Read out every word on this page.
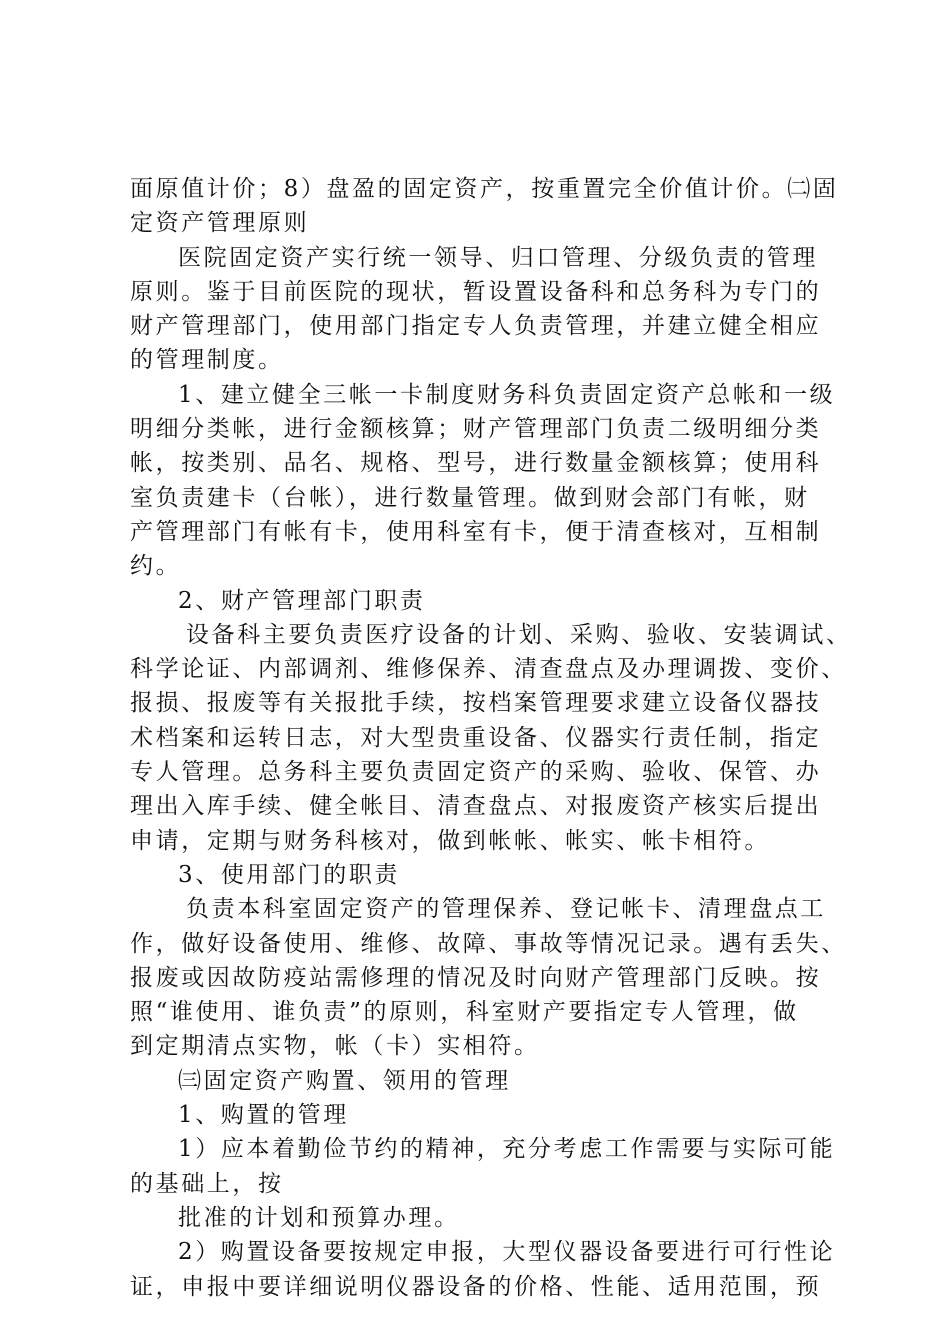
面原值计价；8）盘盈的固定资产，按重置完全价值计价。㈡固
定资产管理原则
医院固定资产实行统一领导、归口管理、分级负责的管理
原则。鉴于目前医院的现状，暂设置设备科和总务科为专门的
财产管理部门，使用部门指定专人负责管理，并建立健全相应
的管理制度。
1、建立健全三帐一卡制度财务科负责固定资产总帐和一级
明细分类帐，进行金额核算；财产管理部门负责二级明细分类
帐，按类别、品名、规格、型号，进行数量金额核算；使用科
室负责建卡（台帐），进行数量管理。做到财会部门有帐，财
产管理部门有帐有卡，使用科室有卡，便于清查核对，互相制
约。
2、财产管理部门职责
设备科主要负责医疗设备的计划、采购、验收、安装调试、
科学论证、内部调剂、维修保养、清查盘点及办理调拨、变价、
报损、报废等有关报批手续，按档案管理要求建立设备仪器技
术档案和运转日志，对大型贵重设备、仪器实行责任制，指定
专人管理。总务科主要负责固定资产的采购、验收、保管、办
理出入库手续、健全帐目、清查盘点、对报废资产核实后提出
申请，定期与财务科核对，做到帐帐、帐实、帐卡相符。
3、使用部门的职责
负责本科室固定资产的管理保养、登记帐卡、清理盘点工
作，做好设备使用、维修、故障、事故等情况记录。遇有丢失、
报废或因故防疫站需修理的情况及时向财产管理部门反映。按
照“谁使用、谁负责”的原则，科室财产要指定专人管理，做
到定期清点实物，帐（卡）实相符。
㈢固定资产购置、领用的管理
1、购置的管理
1）应本着勤俭节约的精神，充分考虑工作需要与实际可能
的基础上，按
批准的计划和预算办理。
2）购置设备要按规定申报，大型仪器设备要进行可行性论
证，申报中要详细说明仪器设备的价格、性能、适用范围，预
